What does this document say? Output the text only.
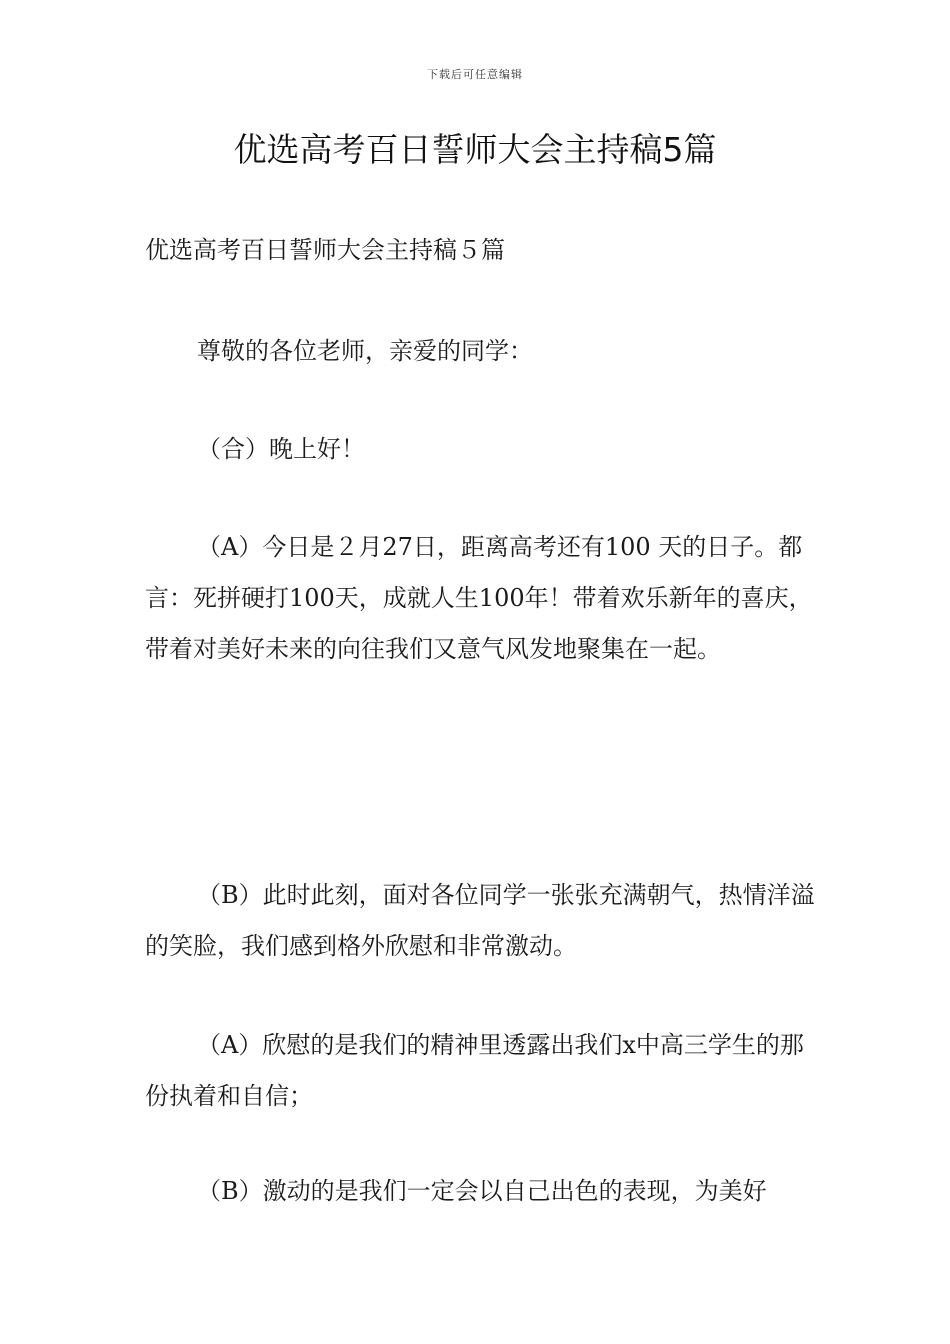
下载后可任意编辑
优选高考百日誓师大会主持稿5篇

优选高考百日誓师大会主持稿５篇

尊敬的各位老师，亲爱的同学：

（合）晚上好！

（A）今日是２月27日，距离高考还有100 天的日子。都言：死拼硬打100天，成就人生100年！带着欢乐新年的喜庆，带着对美好未来的向往我们又意气风发地聚集在一起。

（B）此时此刻，面对各位同学一张张充满朝气，热情洋溢的笑脸，我们感到格外欣慰和非常激动。

（A）欣慰的是我们的精神里透露出我们x中高三学生的那份执着和自信；

（B）激动的是我们一定会以自己出色的表现，为美好
